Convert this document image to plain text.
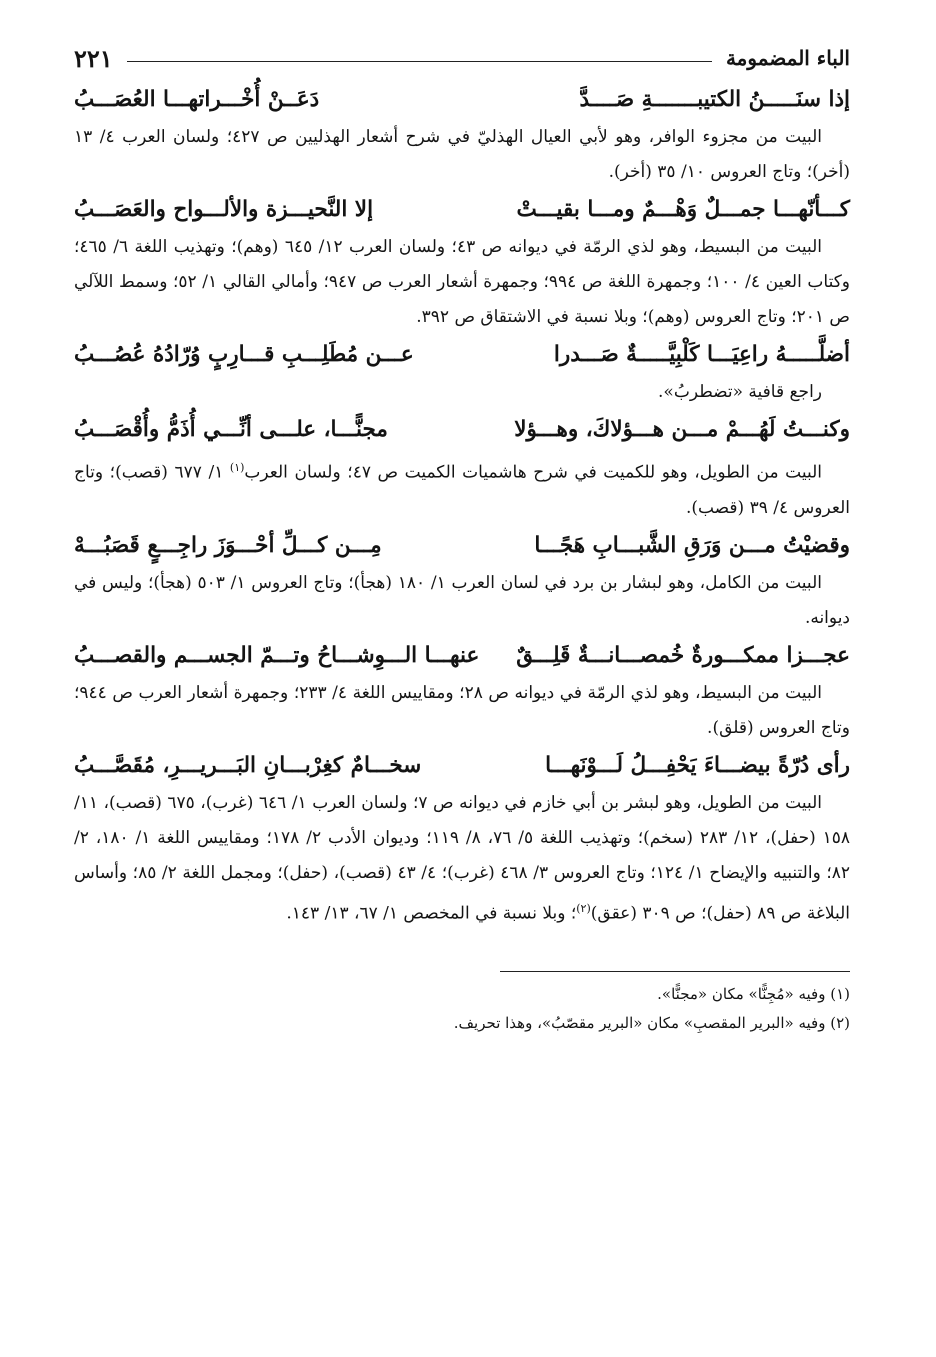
الباء المضمومة
٢٢١
إذا سنَـــــنُ الكتيبـــــــةِ صَــــدَّ
دَعَــنْ أُخْـــراتهـــا العُصَـــبُ

البيت من مجزوء الوافر، وهو لأبي العيال الهذليّ في شرح أشعار الهذليين ص ٤٢٧؛ ولسان العرب ٤/ ١٣ (أخر)؛ وتاج العروس ١٠/ ٣٥ (أخر).

كـــأنّهـــا جمـــلٌ وَهْـــمٌ ومـــا بقيـــتْ
إلا النَّحيـــزة والألـــواح والعَصَـــبُ

البيت من البسيط، وهو لذي الرمّة في ديوانه ص ٤٣؛ ولسان العرب ١٢/ ٦٤٥ (وهم)؛ وتهذيب اللغة ٦/ ٤٦٥؛ وكتاب العين ٤/ ١٠٠؛ وجمهرة اللغة ص ٩٩٤؛ وجمهرة أشعار العرب ص ٩٤٧؛ وأمالي القالي ١/ ٥٢؛ وسمط اللآلي ص ٢٠١؛ وتاج العروس (وهم)؛ وبلا نسبة في الاشتقاق ص ٣٩٢.

أضلَّـــــهُ راعِيَـــا كَلْبِيَّـــــةٌ صَـــدرا
عـــن مُطَلِـــبِ قـــارِبٍ وُرّادُهُ عُصُـــبُ

راجع قافية «تضطربُ».

وكنـــتُ لَهُـــمْ مـــن هـــؤلاكَ، وهـــؤلا
مجنًّـــا، علـــى أنِّـــي أُذَمُّ وأُقْصَـــبُ

البيت من الطويل، وهو للكميت في شرح هاشميات الكميت ص ٤٧؛ ولسان العرب$^{(١)}$ ١/ ٦٧٧ (قصب)؛ وتاج العروس ٤/ ٣٩ (قصب).

وقضيْتُ مـــن وَرَقِ الشَّبـــابِ هَجًـــا
مِـــن كـــلِّ أحْـــوَزَ راجِـــعٍ قَصَبُـــهْ

البيت من الكامل، وهو لبشار بن برد في لسان العرب ١/ ١٨٠ (هجأ)؛ وتاج العروس ١/ ٥٠٣ (هجأ)؛ وليس في ديوانه.

عجـــزا ممكـــورةٌ خُمصـــانـــةٌ قَلِـــقٌ
عنهـــا الـــوِشـــاحُ وتـــمّ الجســـم والقصـــبُ

البيت من البسيط، وهو لذي الرمّة في ديوانه ص ٢٨؛ ومقاييس اللغة ٤/ ٢٣٣؛ وجمهرة أشعار العرب ص ٩٤٤؛ وتاج العروس (قلق).

رأى دُرّةً بيضـــاءَ يَحْفِـــلُ لَـــوْنَهـــا
سخـــامٌ كغِرْبـــانِ البَـــريـــرِ، مُقَصَّـــبُ

البيت من الطويل، وهو لبشر بن أبي خازم في ديوانه ص ٧؛ ولسان العرب ١/ ٦٤٦ (غرب)، ٦٧٥ (قصب)، ١١/ ١٥٨ (حفل)، ١٢/ ٢٨٣ (سخم)؛ وتهذيب اللغة ٥/ ٧٦، ٨/ ١١٩؛ وديوان الأدب ٢/ ١٧٨؛ ومقاييس اللغة ١/ ١٨٠، ٢/ ٨٢؛ والتنبيه والإيضاح ١/ ١٢٤؛ وتاج العروس ٣/ ٤٦٨ (غرب)؛ ٤/ ٤٣ (قصب)، (حفل)؛ ومجمل اللغة ٢/ ٨٥؛ وأساس البلاغة ص ٨٩ (حفل)؛ ص ٣٠٩ (عقق)$^{(٢)}$؛ وبلا نسبة في المخصص ١/ ٦٧، ١٣/ ١٤٣.

(١) وفيه «مُجِنًّا» مكان «مجنًّا».

(٢) وفيه «البرير المقصبِ» مكان «البرير مقصّبُ»، وهذا تحريف.
